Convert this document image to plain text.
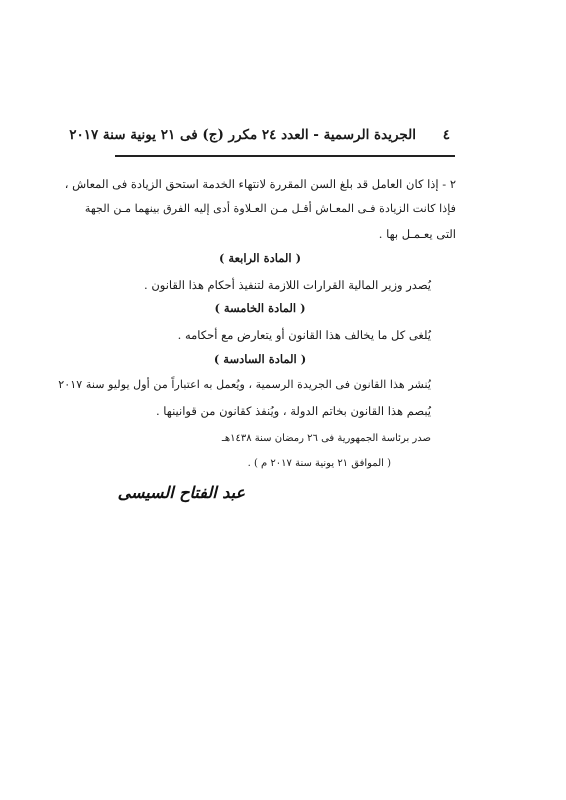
٤
الجريدة الرسمية - العدد ٢٤ مكرر (ج) فى ٢١ يونية سنة ٢٠١٧
٢ - إذا كان العامل قد بلغ السن المقررة لانتهاء الخدمة استحق الزيادة فى المعاش ،
فإذا كانت الزيادة فـى المعـاش أقـل مـن العـلاوة أدى إليه الفرق بينهما مـن الجهة
التى يعـمـل بها .
( المادة الرابعة )
يُصدر وزير المالية القرارات اللازمة لتنفيذ أحكام هذا القانون .
( المادة الخامسة )
يُلغى كل ما يخالف هذا القانون أو يتعارض مع أحكامه .
( المادة السادسة )
يُنشر هذا القانون فى الجريدة الرسمية ، ويُعمل به اعتباراً من أول يوليو سنة ٢٠١٧
يُبصم هذا القانون بخاتم الدولة ، ويُنفذ كقانون من قوانينها .
صدر برئاسة الجمهورية فى ٢٦ رمضان سنة ١٤٣٨هـ
( الموافق ٢١ يونية سنة ٢٠١٧ م ) .
عبد الفتاح السيسى
